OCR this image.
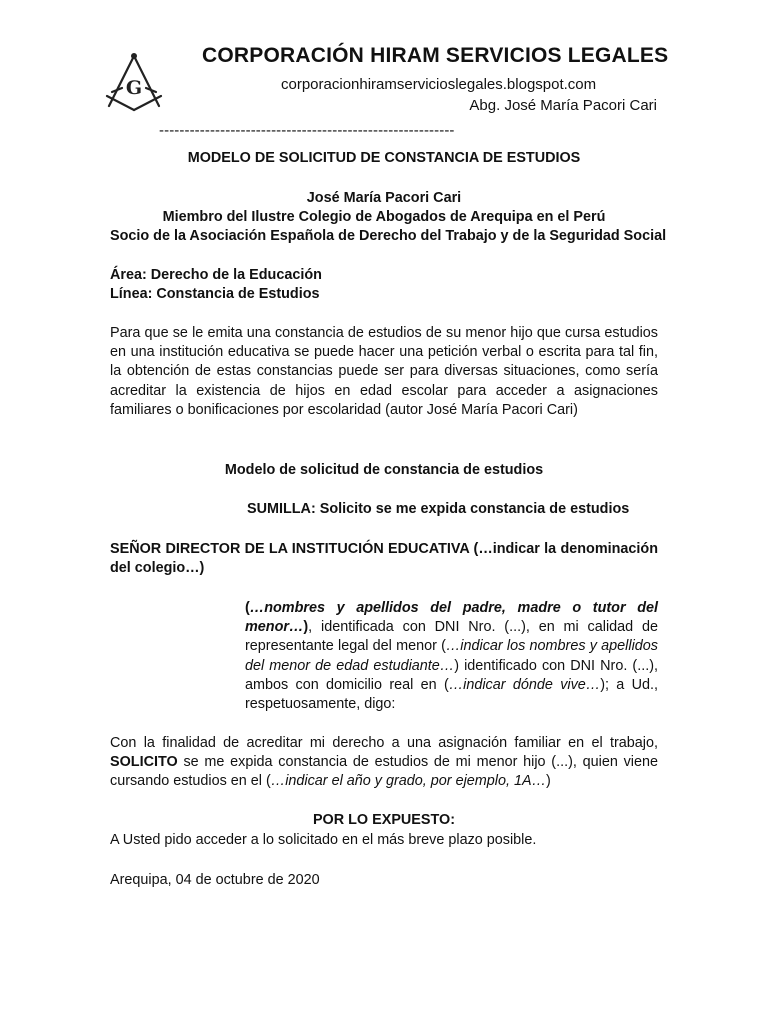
G
CORPORACIÓN HIRAM SERVICIOS LEGALES
corporacionhiramservicioslegales.blogspot.com
Abg. José María Pacori Cari
----------------------------------------------------------
MODELO DE SOLICITUD DE CONSTANCIA DE ESTUDIOS
José María Pacori Cari
Miembro del Ilustre Colegio de Abogados de Arequipa en el Perú
Socio de la Asociación Española de Derecho del Trabajo y de la Seguridad Social
Área: Derecho de la Educación
Línea: Constancia de Estudios
Para que se le emita una constancia de estudios de su menor hijo que cursa estudios en una institución educativa se puede hacer una petición verbal o escrita para tal fin, la obtención de estas constancias puede ser para diversas situaciones, como sería acreditar la existencia de hijos en edad escolar para acceder a asignaciones familiares o bonificaciones por escolaridad (autor José María Pacori Cari)
Modelo de solicitud de constancia de estudios
SUMILLA: Solicito se me expida constancia de estudios
SEÑOR DIRECTOR DE LA INSTITUCIÓN EDUCATIVA (…indicar la denominación del colegio…)
(…nombres y apellidos del padre, madre o tutor del menor…), identificada con DNI Nro. (...), en mi calidad de representante legal del menor (…indicar los nombres y apellidos del menor de edad estudiante…) identificado con DNI Nro. (...), ambos con domicilio real en (…indicar dónde vive…); a Ud., respetuosamente, digo:
Con la finalidad de acreditar mi derecho a una asignación familiar en el trabajo, SOLICITO se me expida constancia de estudios de mi menor hijo (...), quien viene cursando estudios en el (…indicar el año y grado, por ejemplo, 1A…)
POR LO EXPUESTO:
A Usted pido acceder a lo solicitado en el más breve plazo posible.
Arequipa, 04 de octubre de 2020
